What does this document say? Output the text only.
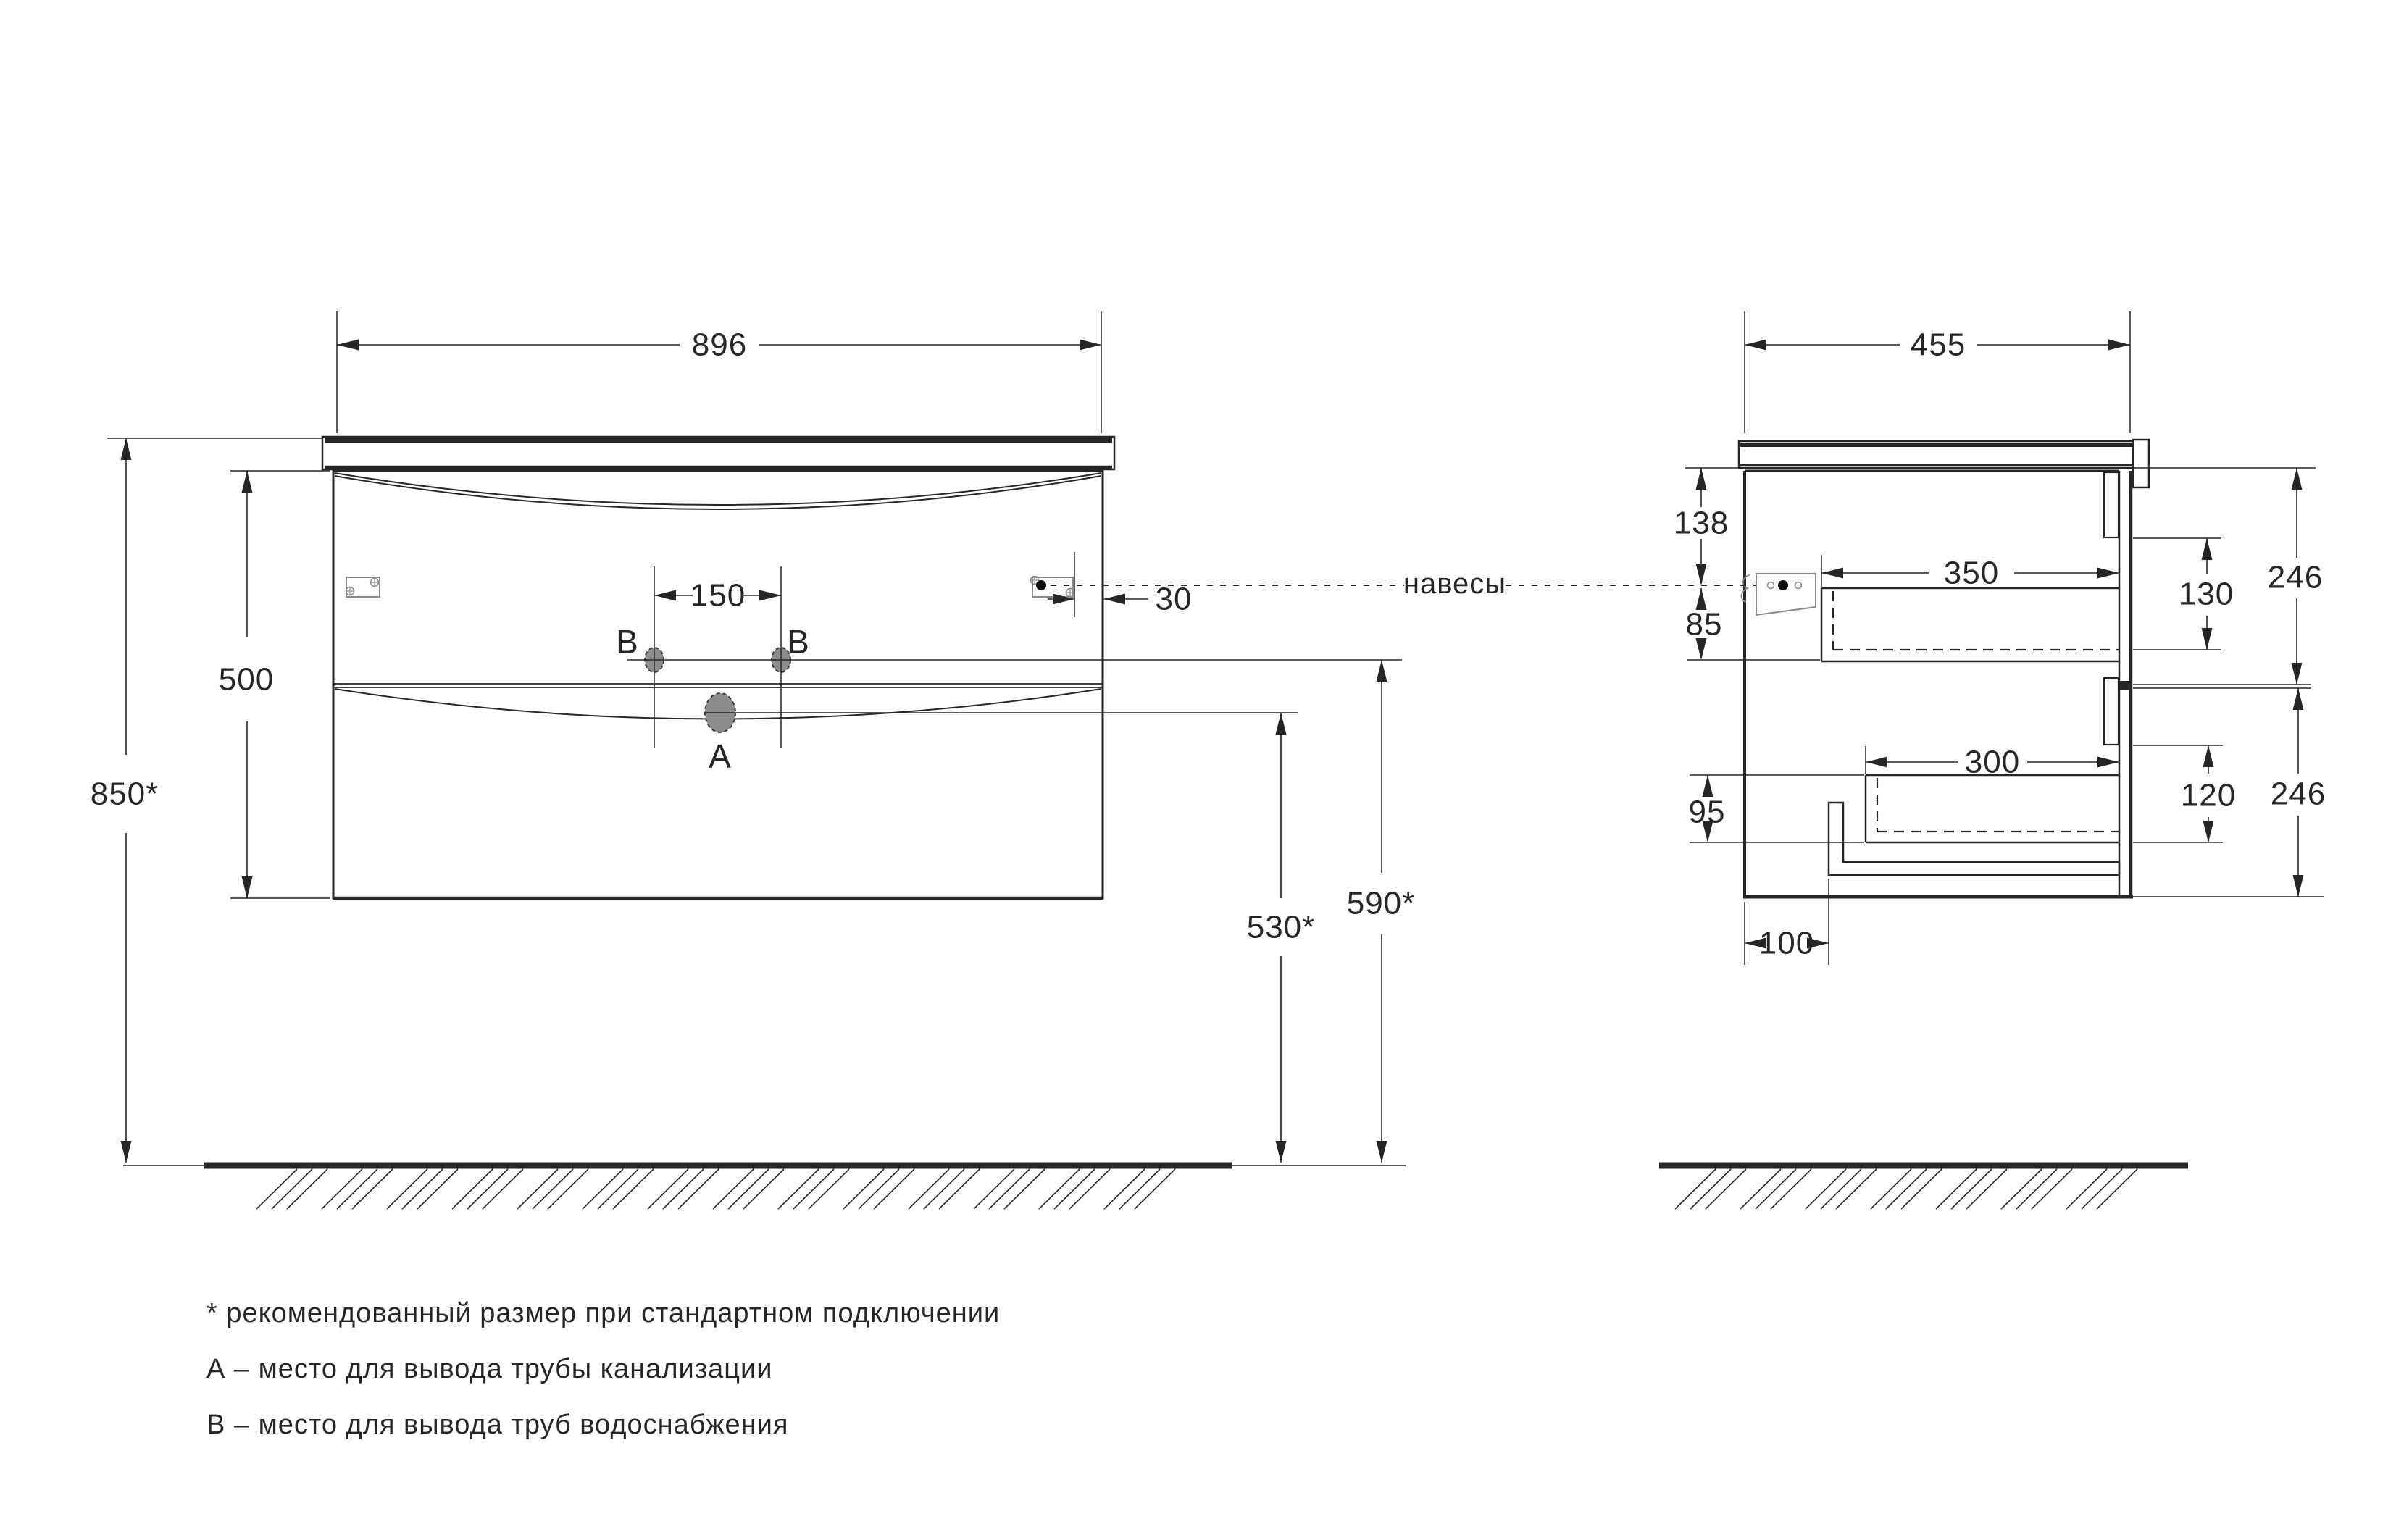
B	B
A
навесы
896
850*
500
150	30
590*
530*
455
138
85
350
300
130
120
246
246
95
100
* рекомендованный размер при стандартном подключении
А – место для вывода трубы канализации
В – место для вывода труб водоснабжения
